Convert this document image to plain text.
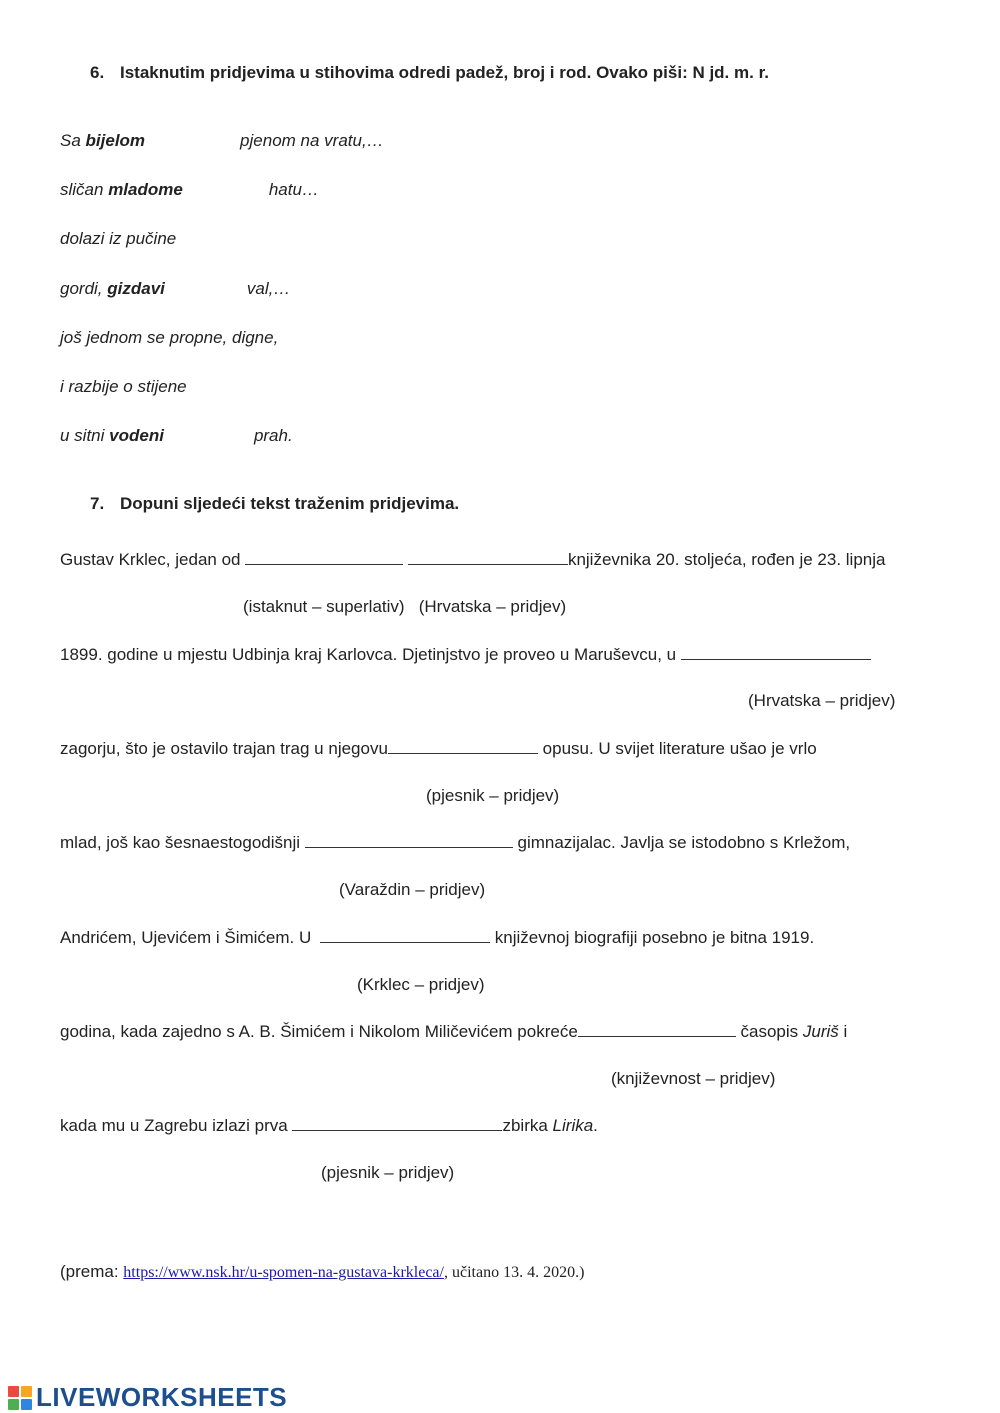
6. Istaknutim pridjevima u stihovima odredi padež, broj i rod. Ovako piši: N jd. m. r.
Sa bijelom	pjenom na vratu,…
sličan mladome	hatu…
dolazi iz pučine
gordi, gizdavi	val,…
još jednom se propne, digne,
i razbije o stijene
u sitni vodeni	prah.
7. Dopuni sljedeći tekst traženim pridjevima.
Gustav Krklec, jedan od	književnika 20. stoljeća, rođen je 23. lipnja
(istaknut – superlativ)   (Hrvatska – pridjev)
1899. godine u mjestu Udbinja kraj Karlovca. Djetinjstvo je proveo u Maruševcu, u
(Hrvatska – pridjev)
zagorju, što je ostavilo trajan trag u njegovu	opusu. U svijet literature ušao je vrlo
(pjesnik – pridjev)
mlad, još kao šesnaestogodišnji	gimnazijalac. Javlja se istodobno s Krležom,
(Varaždin – pridjev)
Andrićem, Ujevićem i Šimićem. U	književnoj biografiji posebno je bitna 1919.
(Krklec – pridjev)
godina, kada zajedno s A. B. Šimićem i Nikolom Miličevićem pokreće	časopis Juriš i
(književnost – pridjev)
kada mu u Zagrebu izlazi prva	zbirka Lirika.
(pjesnik – pridjev)
(prema: https://www.nsk.hr/u-spomen-na-gustava-krkleca/, učitano 13. 4. 2020.)
LIVEWORKSHEETS
